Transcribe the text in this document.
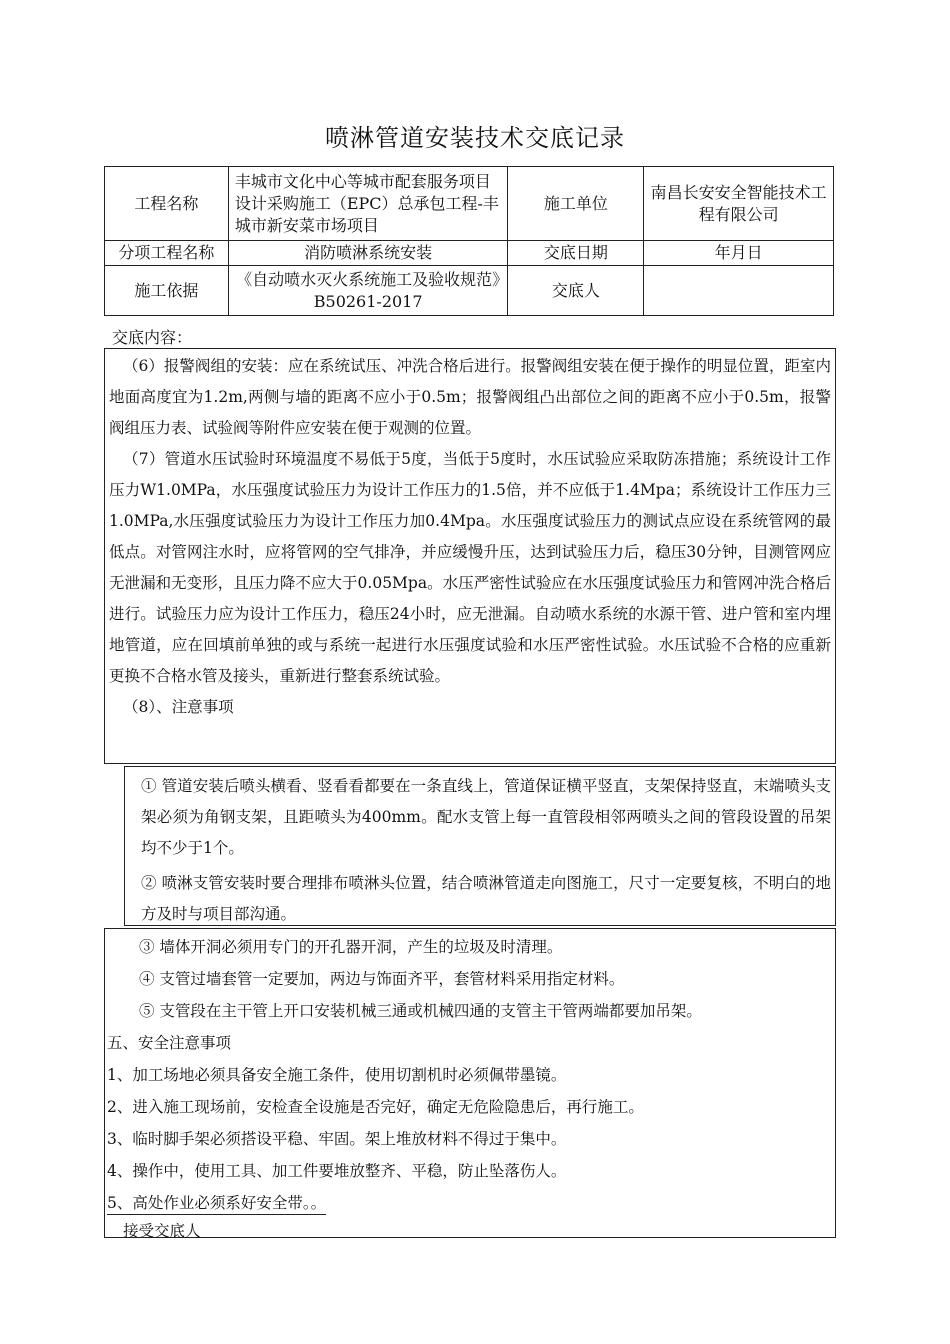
喷淋管道安装技术交底记录
工程名称	丰城市文化中心等城市配套服务项目设计采购施工（EPC）总承包工程-丰城市新安菜市场项目	施工单位	南昌长安安全智能技术工程有限公司
分项工程名称	消防喷淋系统安装	交底日期	年月日
施工依据	《自动喷水灭火系统施工及验收规范》B50261-2017	交底人	
交底内容：

（6）报警阀组的安装：应在系统试压、冲洗合格后进行。报警阀组安装在便于操作的明显位置，距室内地面高度宜为1.2m,两侧与墙的距离不应小于0.5m；报警阀组凸出部位之间的距离不应小于0.5m，报警阀组压力表、试验阀等附件应安装在便于观测的位置。

（7）管道水压试验时环境温度不易低于5度，当低于5度时，水压试验应采取防冻措施；系统设计工作压力W1.0MPa，水压强度试验压力为设计工作压力的1.5倍，并不应低于1.4Mpa；系统设计工作压力三1.0MPa,水压强度试验压力为设计工作压力加0.4Mpa。水压强度试验压力的测试点应设在系统管网的最低点。对管网注水时，应将管网的空气排净，并应缓慢升压，达到试验压力后，稳压30分钟，目测管网应无泄漏和无变形，且压力降不应大于0.05Mpa。水压严密性试验应在水压强度试验压力和管网冲洗合格后进行。试验压力应为设计工作压力，稳压24小时，应无泄漏。自动喷水系统的水源干管、进户管和室内埋地管道，应在回填前单独的或与系统一起进行水压强度试验和水压严密性试验。水压试验不合格的应重新更换不合格水管及接头，重新进行整套系统试验。

（8）、注意事项

① 管道安装后喷头横看、竖看看都要在一条直线上，管道保证横平竖直，支架保持竖直，末端喷头支架必须为角钢支架，且距喷头为400mm。配水支管上每一直管段相邻两喷头之间的管段设置的吊架均不少于1个。

② 喷淋支管安装时要合理排布喷淋头位置，结合喷淋管道走向图施工，尺寸一定要复核，不明白的地方及时与项目部沟通。

③ 墙体开洞必须用专门的开孔器开洞，产生的垃圾及时清理。
④ 支管过墙套管一定要加，两边与饰面齐平，套管材料采用指定材料。
⑤ 支管段在主干管上开口安装机械三通或机械四通的支管主干管两端都要加吊架。
五、安全注意事项
1、加工场地必须具备安全施工条件，使用切割机时必须佩带墨镜。
2、进入施工现场前，安检查全设施是否完好，确定无危险隐患后，再行施工。
3、临时脚手架必须搭设平稳、牢固。架上堆放材料不得过于集中。
4、操作中，使用工具、加工件要堆放整齐、平稳，防止坠落伤人。
5、高处作业必须系好安全带。。
接受交底人
